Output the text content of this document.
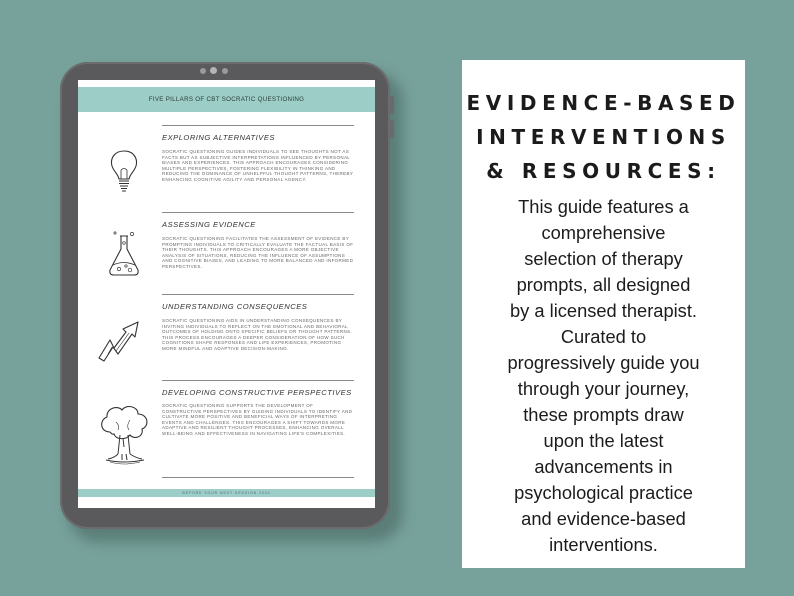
FIVE PILLARS OF CBT SOCRATIC QUESTIONING
EXPLORING ALTERNATIVES
SOCRATIC QUESTIONING GUIDES INDIVIDUALS TO SEE THOUGHTS NOT AS FACTS BUT AS SUBJECTIVE INTERPRETATIONS INFLUENCED BY PERSONAL BIASES AND EXPERIENCES. THIS APPROACH ENCOURAGES CONSIDERING MULTIPLE PERSPECTIVES, FOSTERING FLEXIBILITY IN THINKING AND REDUCING THE DOMINANCE OF UNHELPFUL THOUGHT PATTERNS, THEREBY ENHANCING COGNITIVE AGILITY AND PERSONAL AGENCY.
ASSESSING EVIDENCE
SOCRATIC QUESTIONING FACILITATES THE ASSESSMENT OF EVIDENCE BY PROMPTING INDIVIDUALS TO CRITICALLY EVALUATE THE FACTUAL BASIS OF THEIR THOUGHTS. THIS APPROACH ENCOURAGES A MORE OBJECTIVE ANALYSIS OF SITUATIONS, REDUCING THE INFLUENCE OF ASSUMPTIONS AND COGNITIVE BIASES, AND LEADING TO MORE BALANCED AND INFORMED PERSPECTIVES.
UNDERSTANDING CONSEQUENCES
SOCRATIC QUESTIONING AIDS IN UNDERSTANDING CONSEQUENCES BY INVITING INDIVIDUALS TO REFLECT ON THE EMOTIONAL AND BEHAVIORAL OUTCOMES OF HOLDING ONTO SPECIFIC BELIEFS OR THOUGHT PATTERNS. THIS PROCESS ENCOURAGES A DEEPER CONSIDERATION OF HOW SUCH COGNITIONS SHAPE RESPONSES AND LIFE EXPERIENCES, PROMOTING MORE MINDFUL AND ADAPTIVE DECISION-MAKING.
DEVELOPING CONSTRUCTIVE PERSPECTIVES
SOCRATIC QUESTIONING SUPPORTS THE DEVELOPMENT OF CONSTRUCTIVE PERSPECTIVES BY GUIDING INDIVIDUALS TO IDENTIFY AND CULTIVATE MORE POSITIVE AND BENEFICIAL WAYS OF INTERPRETING EVENTS AND CHALLENGES. THIS ENCOURAGES A SHIFT TOWARDS MORE ADAPTIVE AND RESILIENT THOUGHT PROCESSES, ENHANCING OVERALL WELL-BEING AND EFFECTIVENESS IN NAVIGATING LIFE'S COMPLEXITIES.
BEFORE YOUR NEXT SESSION 2024
EVIDENCE-BASED
INTERVENTIONS
& RESOURCES:
This guide features a
comprehensive
selection of therapy
prompts, all designed
by a licensed therapist.
Curated to
progressively guide you
through your journey,
these prompts draw
upon the latest
advancements in
psychological practice
and evidence-based
interventions.
